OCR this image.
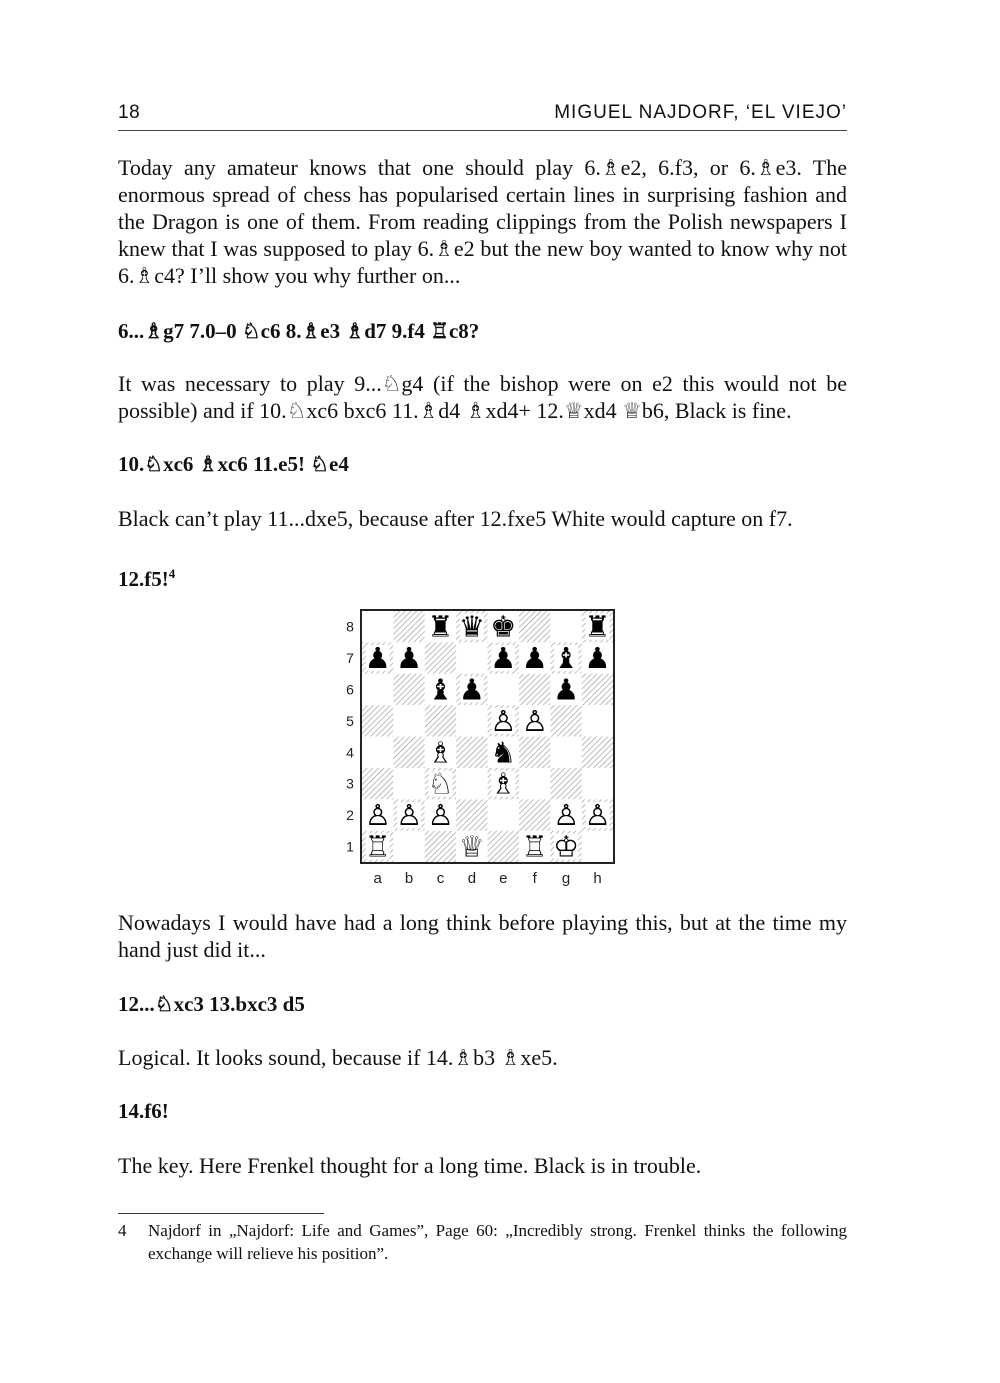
18	MIGUEL NAJDORF, ‘EL VIEJO’

Today any amateur knows that one should play 6.♗e2, 6.f3, or 6.♗e3. The enormous spread of chess has popularised certain lines in surprising fashion and the Dragon is one of them. From reading clippings from the Polish newspapers I knew that I was supposed to play 6.♗e2 but the new boy wanted to know why not 6.♗c4? I’ll show you why further on...

6...♗g7 7.0–0 ♘c6 8.♗e3 ♗d7 9.f4 ♖c8?

It was necessary to play 9...♘g4 (if the bishop were on e2 this would not be possible) and if 10.♘xc6 bxc6 11.♗d4 ♗xd4+ 12.♕xd4 ♕b6, Black is fine.

10.♘xc6 ♗xc6 11.e5! ♘e4

Black can’t play 11...dxe5, because after 12.fxe5 White would capture on f7.

12.f5!$^4$

8
7
6
5
4
3
2
1
a b c d e f g h
♜ ♛ ♚ ♜
♟ ♟ ♟ ♟ ♝ ♟
♝ ♟ ♟
♙ ♙
♗ ♞
♘ ♗
♙ ♙ ♙	♙ ♙
♖ ♕ ♖ ♔

Nowadays I would have had a long think before playing this, but at the time my hand just did it...

12...♘xc3 13.bxc3 d5

Logical. It looks sound, because if 14.♗b3 ♗xe5.

14.f6!

The key. Here Frenkel thought for a long time. Black is in trouble.

4 Najdorf in „Najdorf: Life and Games”, Page 60: „Incredibly strong. Frenkel thinks the following exchange will relieve his position”.
